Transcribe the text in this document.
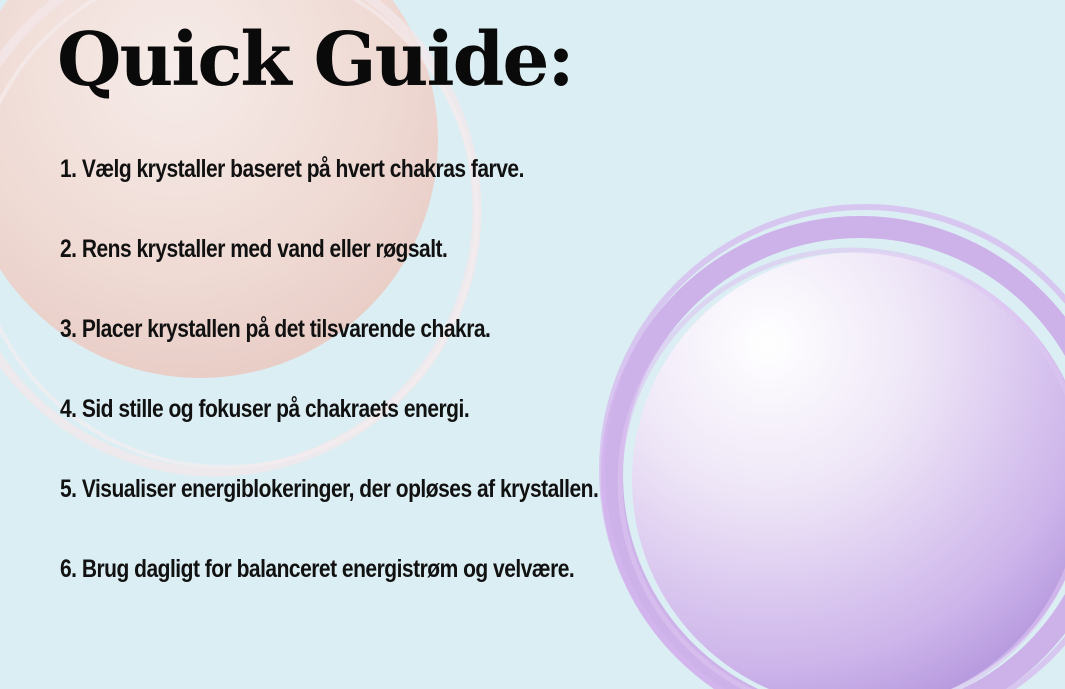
Quick Guide:
1. Vælg krystaller baseret på hvert chakras farve.
2. Rens krystaller med vand eller røgsalt.
3. Placer krystallen på det tilsvarende chakra.
4. Sid stille og fokuser på chakraets energi.
5. Visualiser energiblokeringer, der opløses af krystallen.
6. Brug dagligt for balanceret energistrøm og velvære.
